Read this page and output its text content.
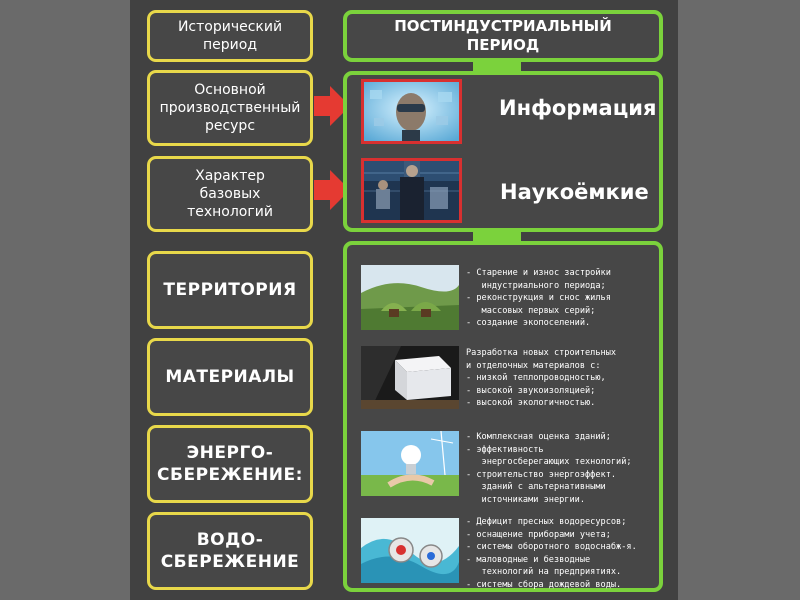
Исторический
период
Основной
производственный
ресурс
Характер
базовых
технологий
ТЕРРИТОРИЯ
МАТЕРИАЛЫ
ЭНЕРГО-
СБЕРЕЖЕНИЕ:
ВОДО-
СБЕРЕЖЕНИЕ
ПОСТИНДУСТРИАЛЬНЫЙ
ПЕРИОД
Информация
Наукоёмкие
- Старение и износ застройки
индустриального периода;
- реконструкция и снос жилья
массовых первых серий;
- создание экопоселений.
Разработка новых строительных
и отделочных материалов с:
- низкой теплопроводностью,
- высокой звукоизоляцией;
- высокой экологичностью.
- Комплексная оценка зданий;
- эффективность
энергосберегающих технологий;
- строительство энергоэффект.
зданий с альтернативными
источниками энергии.
- Дефицит пресных водоресурсов;
- оснащение приборами учета;
- системы оборотного водоснабж-я.
- маловодные и безводные
технологий на предприятиях.
- системы сбора дождевой воды.
